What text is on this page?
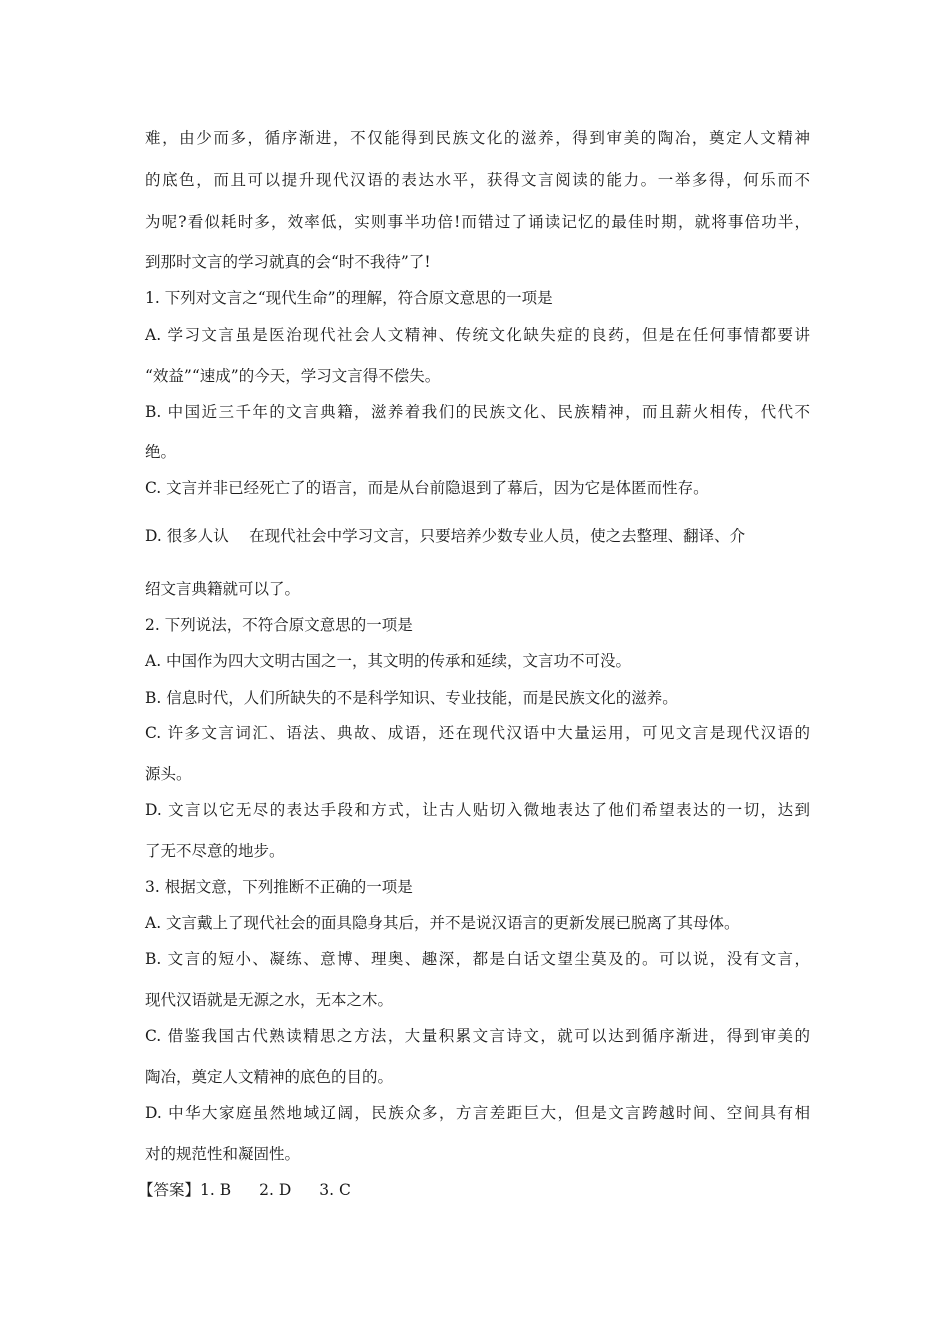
难，由少而多，循序渐进，不仅能得到民族文化的滋养，得到审美的陶冶，奠定人文精神
的底色，而且可以提升现代汉语的表达水平，获得文言阅读的能力。一举多得，何乐而不
为呢?看似耗时多，效率低，实则事半功倍!而错过了诵读记忆的最佳时期，就将事倍功半，
到那时文言的学习就真的会“时不我待”了!
1. 下列对文言之“现代生命”的理解，符合原文意思的一项是
A. 学习文言虽是医治现代社会人文精神、传统文化缺失症的良药，但是在任何事情都要讲
“效益”“速成”的今天，学习文言得不偿失。
B. 中国近三千年的文言典籍，滋养着我们的民族文化、民族精神，而且薪火相传，代代不
绝。
C. 文言并非已经死亡了的语言，而是从台前隐退到了幕后，因为它是体匿而性存。
D. 很多人认　 在现代社会中学习文言，只要培养少数专业人员，使之去整理、翻译、介
绍文言典籍就可以了。
2. 下列说法，不符合原文意思的一项是
A. 中国作为四大文明古国之一，其文明的传承和延续，文言功不可没。
B. 信息时代，人们所缺失的不是科学知识、专业技能，而是民族文化的滋养。
C. 许多文言词汇、语法、典故、成语，还在现代汉语中大量运用，可见文言是现代汉语的
源头。
D. 文言以它无尽的表达手段和方式，让古人贴切入微地表达了他们希望表达的一切，达到
了无不尽意的地步。
3. 根据文意，下列推断不正确的一项是
A. 文言戴上了现代社会的面具隐身其后，并不是说汉语言的更新发展已脱离了其母体。
B. 文言的短小、凝练、意博、理奥、趣深，都是白话文望尘莫及的。可以说，没有文言，
现代汉语就是无源之水，无本之木。
C. 借鉴我国古代熟读精思之方法，大量积累文言诗文，就可以达到循序渐进，得到审美的
陶冶，奠定人文精神的底色的目的。
D. 中华大家庭虽然地域辽阔，民族众多，方言差距巨大，但是文言跨越时间、空间具有相
对的规范性和凝固性。
【答案】1. B 2. D 3. C
